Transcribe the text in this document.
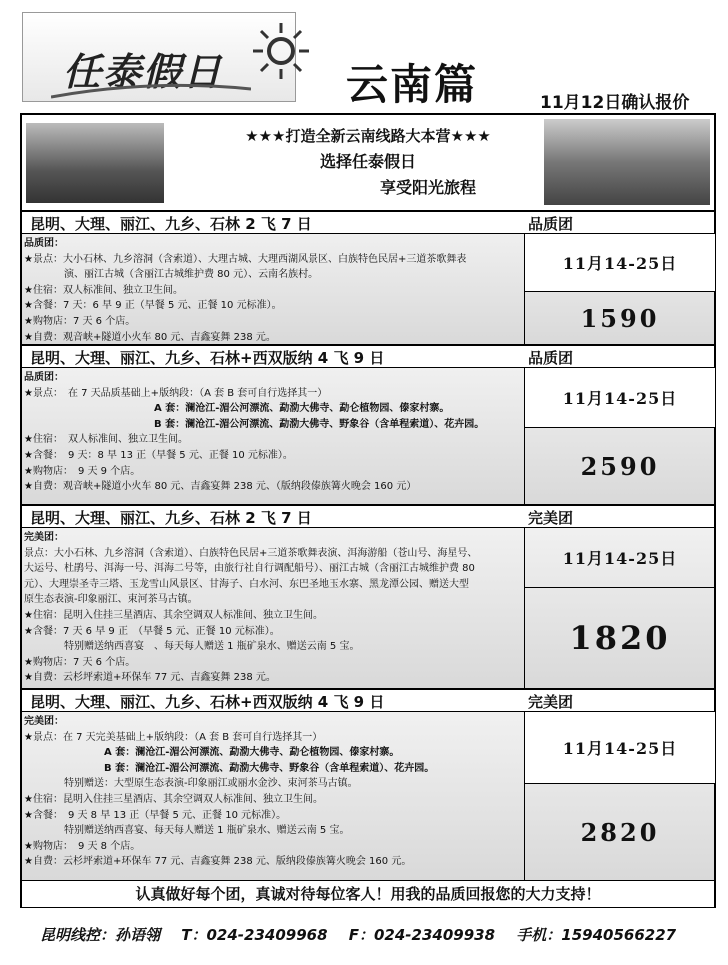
任泰假日	云南篇	11月12日确认报价
★★★打造全新云南线路大本营★★★
选择任泰假日
享受阳光旅程
昆明、大理、丽江、九乡、石林 2 飞 7 日	品质团
品质团：
★景点：大小石林、九乡溶洞（含索道）、大理古城、大理西湖风景区、白族特色民居+三道茶歌舞表
　　　　演、丽江古城（含丽江古城维护费 80 元）、云南名族村。
★住宿：双人标准间、独立卫生间。
★含餐：7 天：6 早 9 正（早餐 5 元、正餐 10 元标准）。
★购物店：7 天 6 个店。
★自费：观音峡+隧道小火车 80 元、吉鑫宴舞 238 元。
11月14-25日
1590
昆明、大理、丽江、九乡、石林+西双版纳 4 飞 9 日	品质团
品质团：
★景点：　在 7 天品质基础上+版纳段：（A 套 B 套可自行选择其一）
　　　　　　　　　　　　　A 套：澜沧江-湄公河漂流、勐泐大佛寺、勐仑植物园、傣家村寨。
　　　　　　　　　　　　　B 套：澜沧江-湄公河漂流、勐泐大佛寺、野象谷（含单程索道）、花卉园。
★住宿：　双人标准间、独立卫生间。
★含餐：　9 天：8 早 13 正（早餐 5 元、正餐 10 元标准）。
★购物店：　9 天 9 个店。
★自费：观音峡+隧道小火车 80 元、吉鑫宴舞 238 元、（版纳段傣族篝火晚会 160 元）
11月14-25日
2590
昆明、大理、丽江、九乡、石林 2 飞 7 日	完美团
完美团：
景点：大小石林、九乡溶洞（含索道）、白族特色民居+三道茶歌舞表演、洱海游船（苍山号、海星号、
大运号、杜鹃号、洱海一号、洱海二号等，由旅行社自行调配船号）、丽江古城（含丽江古城维护费 80
元）、大理崇圣寺三塔、玉龙雪山风景区、甘海子、白水河、东巴圣地玉水寨、黑龙潭公园、赠送大型
原生态表演-印象丽江、束河茶马古镇。
★住宿：昆明入住挂三星酒店、其余空调双人标准间、独立卫生间。
★含餐：7 天 6 早 9 正　（早餐 5 元、正餐 10 元标准）。
　　　　特别赠送纳西喜宴　、每天每人赠送 1 瓶矿泉水、赠送云南 5 宝。
★购物店：7 天 6 个店。
★自费：云杉坪索道+环保车 77 元、吉鑫宴舞 238 元。
11月14-25日
1820
昆明、大理、丽江、九乡、石林+西双版纳 4 飞 9 日	完美团
完美团：
★景点：在 7 天完美基础上+版纳段：（A 套 B 套可自行选择其一）
　　　　　　　　A 套：澜沧江-湄公河漂流、勐泐大佛寺、勐仑植物园、傣家村寨。
　　　　　　　　B 套：澜沧江-湄公河漂流、勐泐大佛寺、野象谷（含单程索道）、花卉园。
　　　　特别赠送：大型原生态表演-印象丽江或丽水金沙、束河茶马古镇。
★住宿：昆明入住挂三星酒店、其余空调双人标准间、独立卫生间。
★含餐：　9 天 8 早 13 正（早餐 5 元、正餐 10 元标准）。
　　　　特别赠送纳西喜宴、每天每人赠送 1 瓶矿泉水、赠送云南 5 宝。
★购物店：　9 天 8 个店。
★自费：云杉坪索道+环保车 77 元、吉鑫宴舞 238 元、版纳段傣族篝火晚会 160 元。
11月14-25日
2820
认真做好每个团，真诚对待每位客人！用我的品质回报您的大力支持！
昆明线控：孙语翎 T：024-23409968 F：024-23409938 手机：15940566227
